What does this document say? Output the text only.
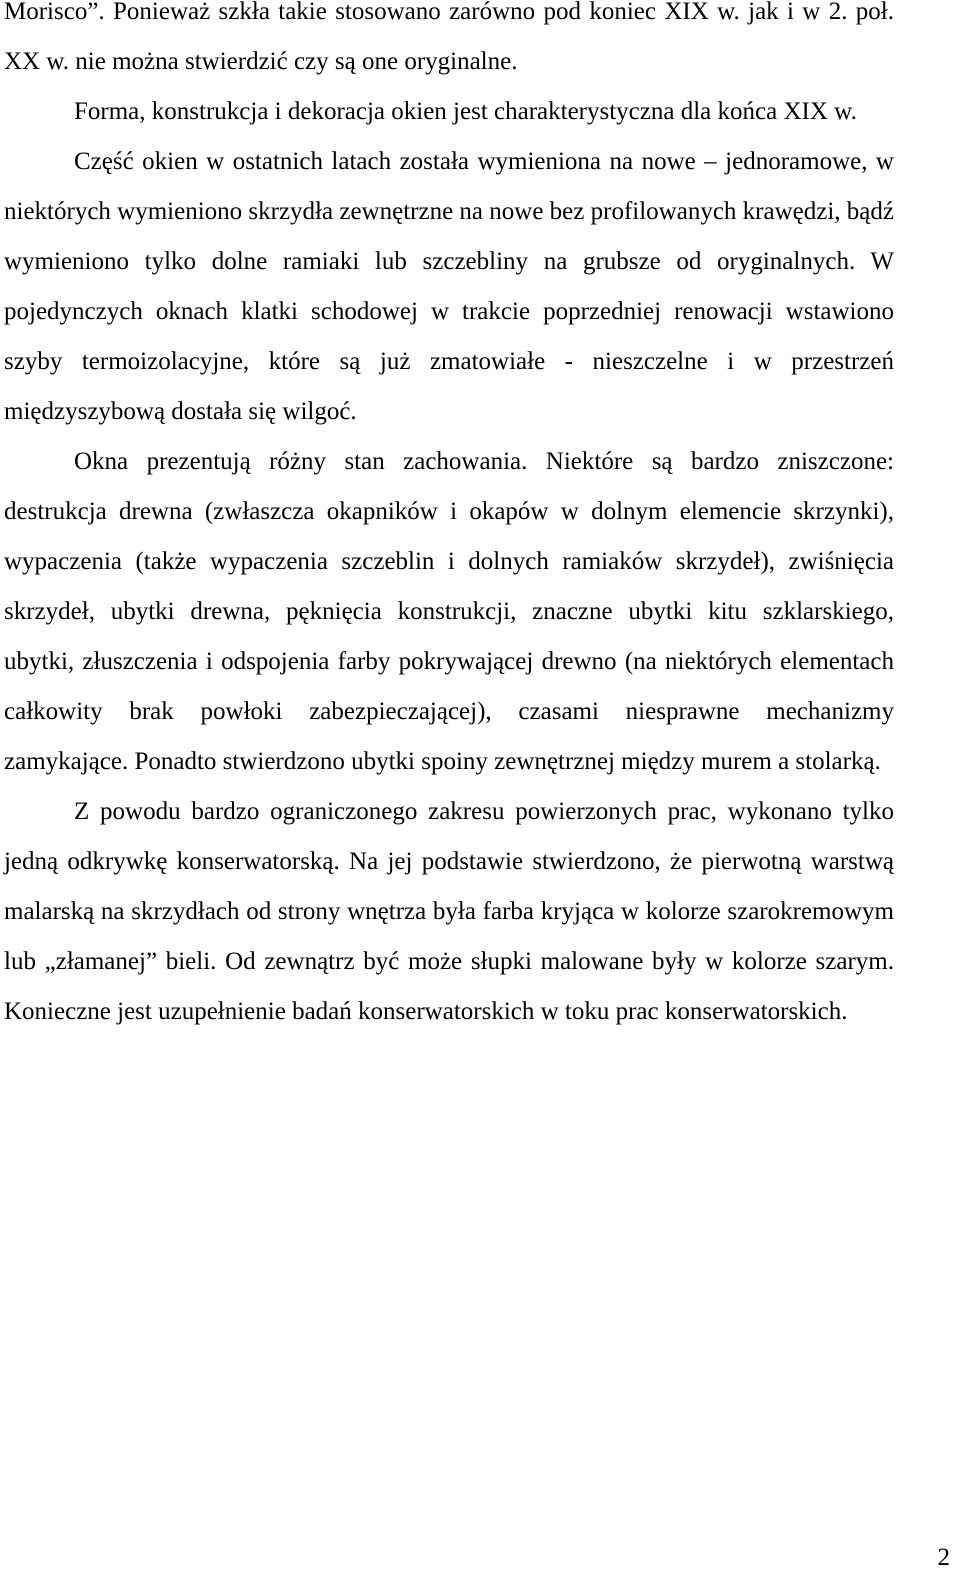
Morisco”. Ponieważ szkła takie stosowano zarówno pod koniec XIX w. jak i w 2. poł. XX w. nie można stwierdzić czy są one oryginalne.

Forma, konstrukcja i dekoracja okien jest charakterystyczna dla końca XIX w.

Część okien w ostatnich latach została wymieniona na nowe – jednoramowe, w niektórych wymieniono skrzydła zewnętrzne na nowe bez profilowanych krawędzi, bądź wymieniono tylko dolne ramiaki lub szczebliny na grubsze od oryginalnych. W pojedynczych oknach klatki schodowej w trakcie poprzedniej renowacji wstawiono szyby termoizolacyjne, które są już zmatowiałe - nieszczelne i w przestrzeń międzyszybową dostała się wilgoć.

Okna prezentują różny stan zachowania. Niektóre są bardzo zniszczone: destrukcja drewna (zwłaszcza okapników i okapów w dolnym elemencie skrzynki), wypaczenia (także wypaczenia szczeblin i dolnych ramiaków skrzydeł), zwiśnięcia skrzydeł, ubytki drewna, pęknięcia konstrukcji, znaczne ubytki kitu szklarskiego, ubytki, złuszczenia i odspojenia farby pokrywającej drewno (na niektórych elementach całkowity brak powłoki zabezpieczającej), czasami niesprawne mechanizmy zamykające. Ponadto stwierdzono ubytki spoiny zewnętrznej między murem a stolarką.

Z powodu bardzo ograniczonego zakresu powierzonych prac, wykonano tylko jedną odkrywkę konserwatorską. Na jej podstawie stwierdzono, że pierwotną warstwą malarską na skrzydłach od strony wnętrza była farba kryjąca w kolorze szarokremowym lub „złamanej” bieli. Od zewnątrz być może słupki malowane były w kolorze szarym. Konieczne jest uzupełnienie badań konserwatorskich w toku prac konserwatorskich.

2
